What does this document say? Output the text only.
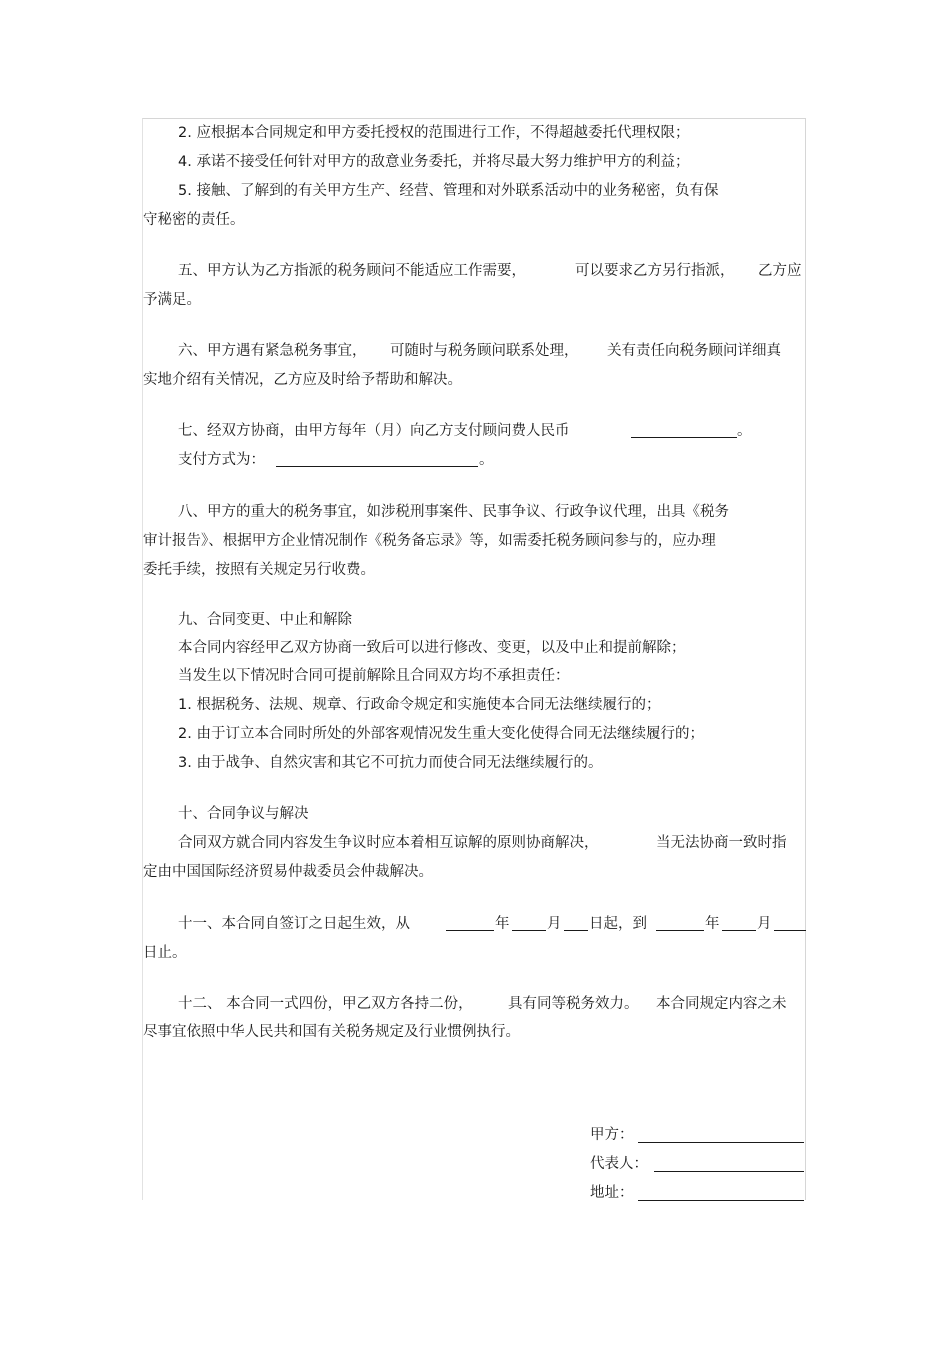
2. 应根据本合同规定和甲方委托授权的范围进行工作，不得超越委托代理权限；
4. 承诺不接受任何针对甲方的敌意业务委托，并将尽最大努力维护甲方的利益；
5. 接触、了解到的有关甲方生产、经营、管理和对外联系活动中的业务秘密，负有保
守秘密的责任。
五、甲方认为乙方指派的税务顾问不能适应工作需要，	可以要求乙方另行指派， 乙方应
予满足。
六、甲方遇有紧急税务事宜， 可随时与税务顾问联系处理， 关有责任向税务顾问详细真
实地介绍有关情况，乙方应及时给予帮助和解决。
七、经双方协商，由甲方每年（月）向乙方支付顾问费人民币	。
支付方式为：	。
八、甲方的重大的税务事宜，如涉税刑事案件、民事争议、行政争议代理，出具《税务
审计报告》、根据甲方企业情况制作《税务备忘录》等，如需委托税务顾问参与的，应办理
委托手续，按照有关规定另行收费。
九、合同变更、中止和解除
本合同内容经甲乙双方协商一致后可以进行修改、变更，以及中止和提前解除；
当发生以下情况时合同可提前解除且合同双方均不承担责任：
1. 根据税务、法规、规章、行政命令规定和实施使本合同无法继续履行的；
2. 由于订立本合同时所处的外部客观情况发生重大变化使得合同无法继续履行的；
3. 由于战争、自然灾害和其它不可抗力而使合同无法继续履行的。
十、合同争议与解决
合同双方就合同内容发生争议时应本着相互谅解的原则协商解决，	当无法协商一致时指
定由中国国际经济贸易仲裁委员会仲裁解决。
十一、本合同自签订之日起生效，从	年	月 日起，到	年	月
日止。
十二、 本合同一式四份，甲乙双方各持二份， 具有同等税务效力。 本合同规定内容之未
尽事宜依照中华人民共和国有关税务规定及行业惯例执行。
甲方：
代表人：
地址：
